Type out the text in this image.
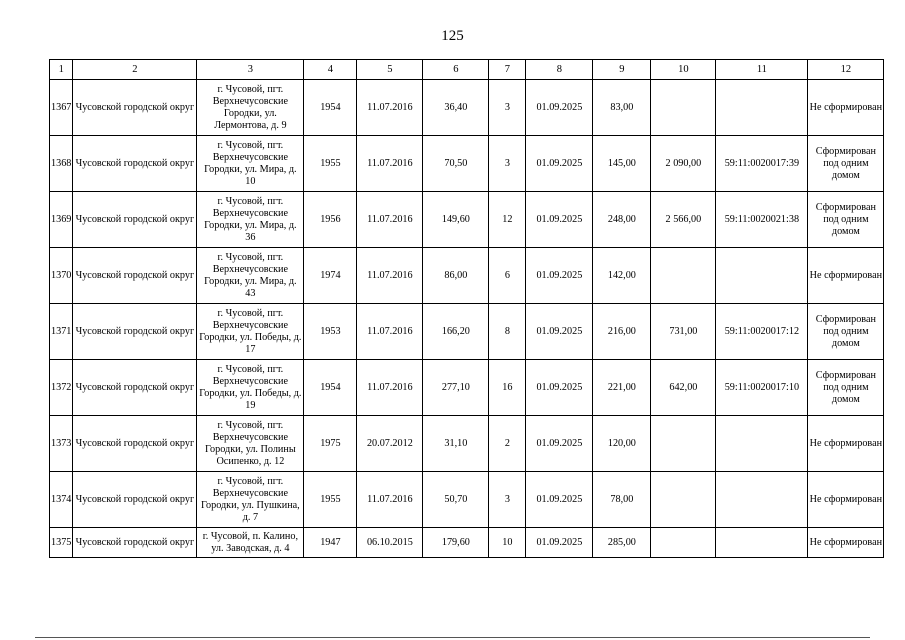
125
1	2	3	4	5	6	7	8	9	10	11	12
1367	Чусовской городской округ	г. Чусовой, пгт. Верхнечусовские Городки, ул. Лермонтова, д. 9	1954	11.07.2016	36,40	3	01.09.2025	83,00			Не сформирован
1368	Чусовской городской округ	г. Чусовой, пгт. Верхнечусовские Городки, ул. Мира, д. 10	1955	11.07.2016	70,50	3	01.09.2025	145,00	2 090,00	59:11:0020017:39	Сформирован под одним домом
1369	Чусовской городской округ	г. Чусовой, пгт. Верхнечусовские Городки, ул. Мира, д. 36	1956	11.07.2016	149,60	12	01.09.2025	248,00	2 566,00	59:11:0020021:38	Сформирован под одним домом
1370	Чусовской городской округ	г. Чусовой, пгт. Верхнечусовские Городки, ул. Мира, д. 43	1974	11.07.2016	86,00	6	01.09.2025	142,00			Не сформирован
1371	Чусовской городской округ	г. Чусовой, пгт. Верхнечусовские Городки, ул. Победы, д. 17	1953	11.07.2016	166,20	8	01.09.2025	216,00	731,00	59:11:0020017:12	Сформирован под одним домом
1372	Чусовской городской округ	г. Чусовой, пгт. Верхнечусовские Городки, ул. Победы, д. 19	1954	11.07.2016	277,10	16	01.09.2025	221,00	642,00	59:11:0020017:10	Сформирован под одним домом
1373	Чусовской городской округ	г. Чусовой, пгт. Верхнечусовские Городки, ул. Полины Осипенко, д. 12	1975	20.07.2012	31,10	2	01.09.2025	120,00			Не сформирован
1374	Чусовской городской округ	г. Чусовой, пгт. Верхнечусовские Городки, ул. Пушкина, д. 7	1955	11.07.2016	50,70	3	01.09.2025	78,00			Не сформирован
1375	Чусовской городской округ	г. Чусовой, п. Калино, ул. Заводская, д. 4	1947	06.10.2015	179,60	10	01.09.2025	285,00			Не сформирован
